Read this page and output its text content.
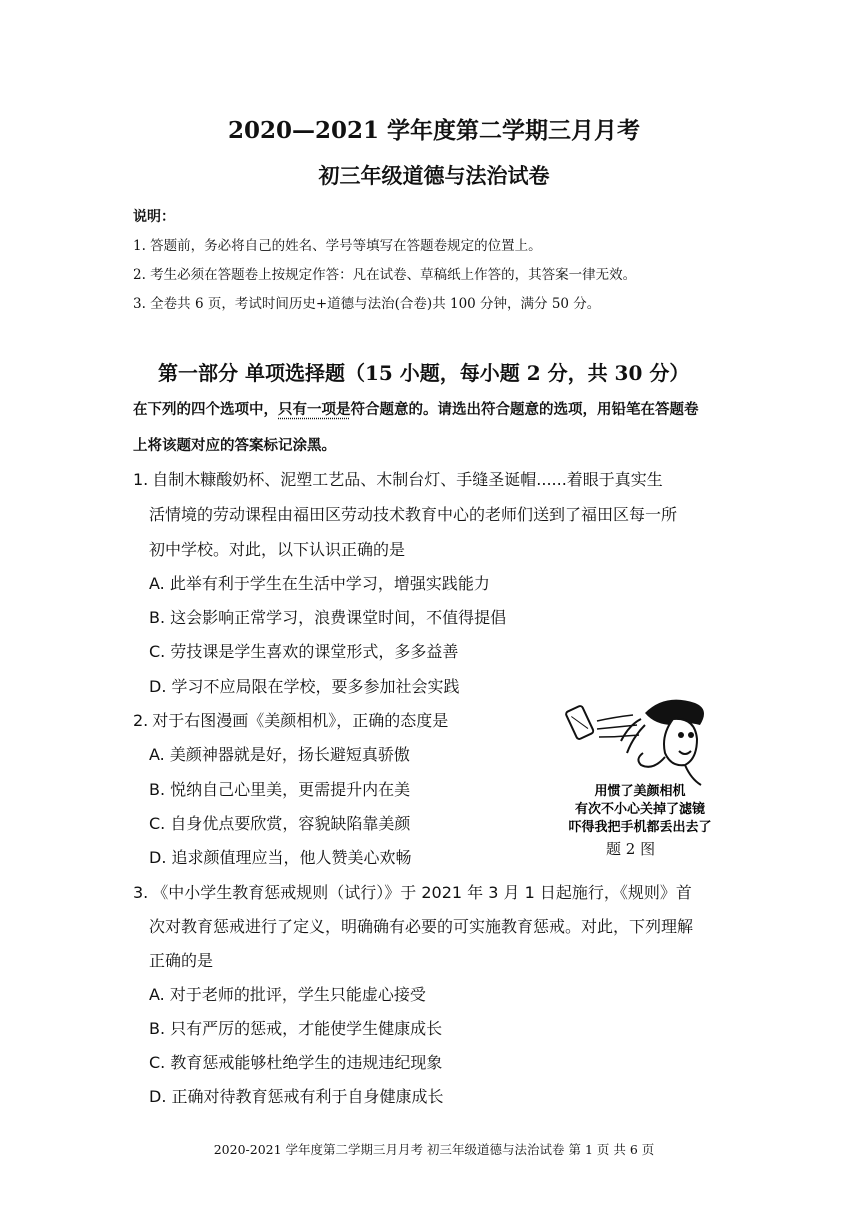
2020—2021 学年度第二学期三月月考
初三年级道德与法治试卷
说明：
1. 答题前，务必将自己的姓名、学号等填写在答题卷规定的位置上。
2. 考生必须在答题卷上按规定作答：凡在试卷、草稿纸上作答的，其答案一律无效。
3. 全卷共 6 页，考试时间历史+道德与法治(合卷)共 100 分钟，满分 50 分。
第一部分 单项选择题（15 小题，每小题 2 分，共 30 分）
在下列的四个选项中，只有一项是符合题意的。请选出符合题意的选项，用铅笔在答题卷
上将该题对应的答案标记涂黑。
1. 自制木糠酸奶杯、泥塑工艺品、木制台灯、手缝圣诞帽......着眼于真实生
活情境的劳动课程由福田区劳动技术教育中心的老师们送到了福田区每一所
初中学校。对此，以下认识正确的是
A. 此举有利于学生在生活中学习，增强实践能力
B. 这会影响正常学习，浪费课堂时间，不值得提倡
C. 劳技课是学生喜欢的课堂形式，多多益善
D. 学习不应局限在学校，要多参加社会实践
2. 对于右图漫画《美颜相机》，正确的态度是
A. 美颜神器就是好，扬长避短真骄傲
B. 悦纳自己心里美，更需提升内在美
C. 自身优点要欣赏，容貌缺陷靠美颜
D. 追求颜值理应当，他人赞美心欢畅
用惯了美颜相机
有次不小心关掉了滤镜
吓得我把手机都丢出去了
题 2 图
3. 《中小学生教育惩戒规则（试行）》于 2021 年 3 月 1 日起施行，《规则》首
次对教育惩戒进行了定义，明确确有必要的可实施教育惩戒。对此，下列理解
正确的是
A. 对于老师的批评，学生只能虚心接受
B. 只有严厉的惩戒，才能使学生健康成长
C. 教育惩戒能够杜绝学生的违规违纪现象
D. 正确对待教育惩戒有利于自身健康成长
2020-2021 学年度第二学期三月月考 初三年级道德与法治试卷 第 1 页 共 6 页
